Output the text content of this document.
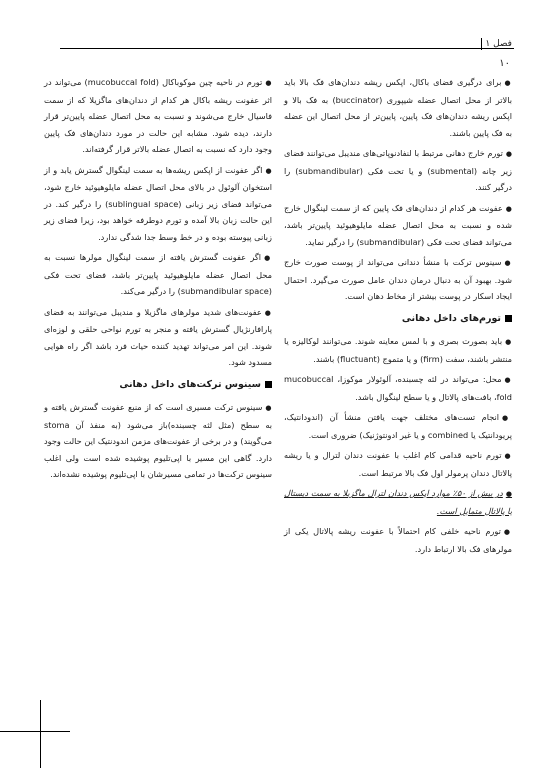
فصل ۱
۱۰

●برای درگیری فضای باکال، اپکس ریشه دندان‌های فک بالا باید بالاتر از محل اتصال عضله شیپوری (buccinator) به فک بالا و اپکس ریشه دندان‌های فک پایین، پایین‌تر از محل اتصال این عضله به فک پایین باشند.

●تورم خارج دهانی مرتبط با لنفادنوپاتی‌های منديبل می‌توانند فضای زیر چانه (submental) و یا تحت فکی (submandibular) را درگیر کنند.

●عفونت هر کدام از دندان‌های فک پایین که از سمت لینگوال خارج شده و نسبت به محل اتصال عضله مایلوهیوئید پایین‌تر باشد، می‌تواند فضای تحت فکی (submandibular) را درگیر نماید.

●سینوس ترکت با منشأ دندانی می‌تواند از پوست صورت خارج شود. بهبود آن به دنبال درمان دندان عامل صورت می‌گیرد. احتمال ایجاد اسکار در پوست بیشتر از مخاط دهان است.

تورم‌های داخل دهانی

●باید بصورت بصری و با لمس معاینه شوند. می‌توانند لوکالیزه یا منتشر باشند، سفت (firm) و یا متموج (fluctuant) باشند.

●محل: می‌تواند در لثه چسبنده، آلوئولار موکوزا، mucobuccal fold، بافت‌های پالاتال و یا سطح لینگوال باشد.

●انجام تست‌های مختلف جهت یافتن منشأ آن (اندودانتیک، پریودانتیک یا combined و یا غیر ادونتوژنیک) ضروری است.

●تورم ناحیه قدامی کام اغلب با عفونت دندان لترال و یا ریشه پالاتال دندان پرمولر اول فک بالا مرتبط است.

●در بیش از ۵۰٪ موارد اپکس دندان لترال ماگزیلا به سمت دیستال یا پالاتال متمایل است.

●تورم ناحیه خلفی کام احتمالاً با عفونت ریشه پالاتال یکی از مولرهای فک بالا ارتباط دارد.

●تورم در ناحیه چین موکوباکال (mucobuccal fold) می‌تواند در اثر عفونت ریشه باکال هر کدام از دندان‌های ماگزیلا که از سمت فاسیال خارج می‌شوند و نسبت به محل اتصال عضله پایین‌تر قرار دارند، دیده شود. مشابه این حالت در مورد دندان‌های فک پایین وجود دارد که نسبت به اتصال عضله بالاتر قرار گرفته‌اند.

●اگر عفونت از اپکس ریشه‌ها به سمت لینگوال گسترش یابد و از استخوان آلوئول در بالای محل اتصال عضله مایلوهیوئید خارج شود، می‌تواند فضای زیر زبانی (sublingual space) را درگیر کند. در این حالت زبان بالا آمده و تورم دوطرفه خواهد بود، زیرا فضای زیر زبانی پیوسته بوده و در خط وسط جدا شدگی ندارد.

●اگر عفونت گسترش یافته از سمت لینگوال مولرها نسبت به محل اتصال عضله مایلوهیوئید پایین‌تر باشد، فضای تحت فکی (submandibular space) را درگیر می‌کند.

●عفونت‌های شدید مولرهای ماگزیلا و مندیبل می‌توانند به فضای پارافارنژیال گسترش یافته و منجر به تورم نواحی حلقی و لوزه‌ای شوند. این امر می‌تواند تهدید کننده حیات فرد باشد اگر راه هوایی مسدود شود.

سینوس ترکت‌های داخل دهانی

●سینوس ترکت مسیری است که از منبع عفونت گسترش یافته و به سطح (مثل لثه چسبنده)باز می‌شود (به منفذ آن stoma می‌گویند) و در برخی از عفونت‌های مزمن اندودنتیک این حالت وجود دارد. گاهی این مسیر با اپی‌تلیوم پوشیده شده است ولی اغلب سینوس ترکت‌ها در تمامی مسیرشان با اپی‌تلیوم پوشیده نشده‌اند.
